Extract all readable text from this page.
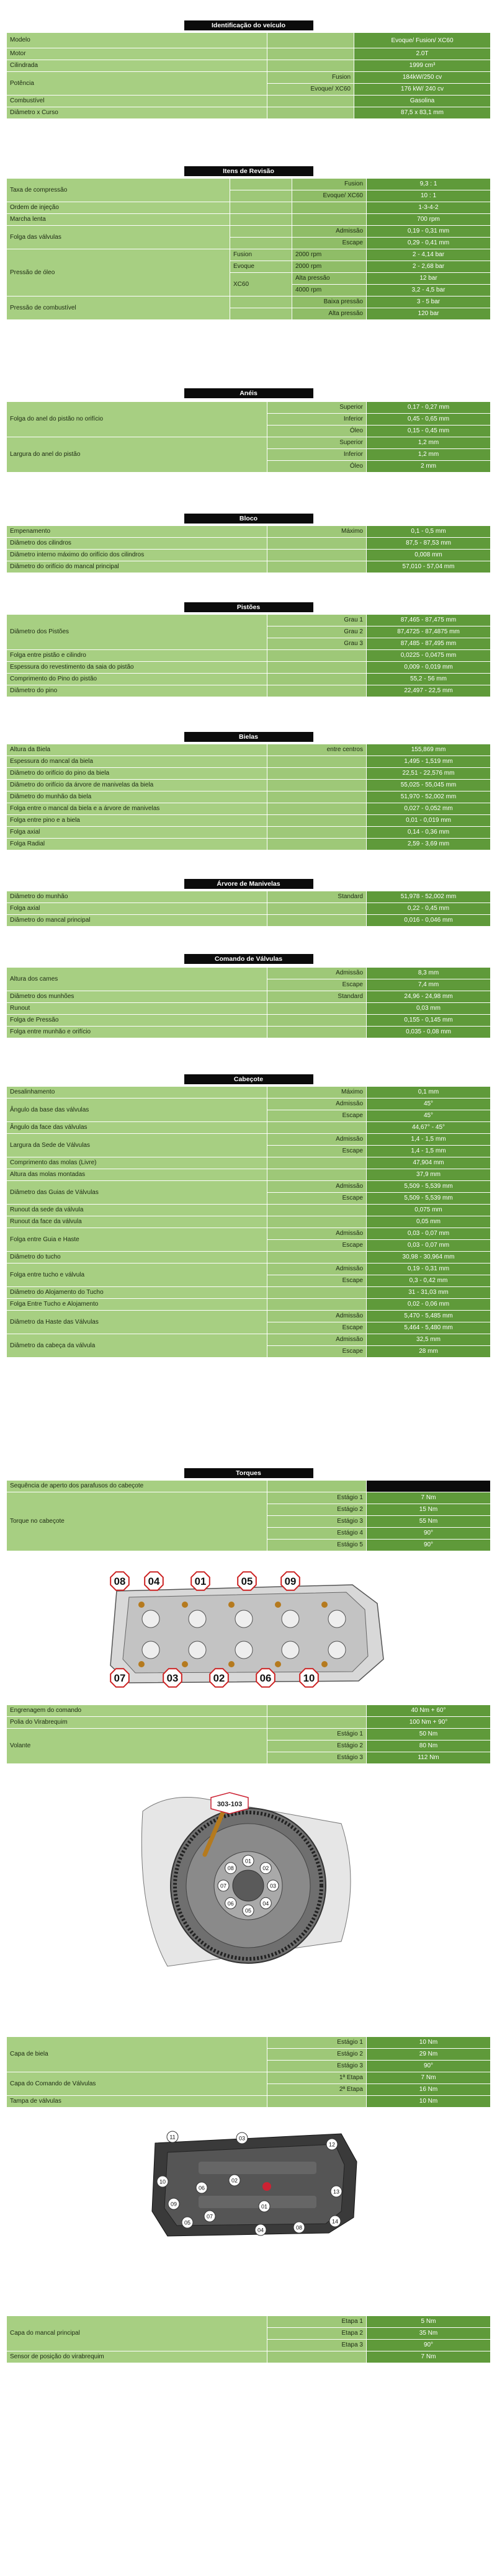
Identificação do veículo
Modelo		Evoque/ Fusion/ XC60
Motor		2.0T
Cilindrada		1999 cm³
Potência	Fusion	184kW/250 cv
	Evoque/ XC60	176 kW/ 240 cv
Combustível		Gasolina
Diâmetro x Curso		87,5 x 83,1 mm
Itens de Revisão
Taxa de compressão		Fusion	9,3 : 1
		Evoque/ XC60	10 : 1
Ordem de injeção			1-3-4-2
Marcha lenta			700 rpm
Folga das válvulas		Admissão	0,19 - 0,31 mm
		Escape	0,29 - 0,41 mm
Pressão de óleo	Fusion	2000 rpm	2 - 4,14 bar
	Evoque	2000 rpm	2 - 2,68 bar
	XC60	Alta pressão	12 bar
		4000 rpm	3,2 - 4,5 bar
Pressão de combustível		Baixa pressão	3 - 5 bar
		Alta pressão	120 bar
Anéis
Folga do anel do pistão no orifício	Superior	0,17 - 0,27 mm
	Inferior	0,45 - 0,65 mm
	Óleo	0,15 - 0,45 mm
Largura do anel do pistão	Superior	1,2 mm
	Inferior	1,2 mm
	Óleo	2 mm
Bloco
Empenamento	Máximo	0,1 - 0,5 mm
Diâmetro dos cilindros		87,5 - 87,53 mm
Diâmetro interno máximo do orifício dos cilindros		0,008 mm
Diâmetro do orifício do mancal principal		57,010 - 57,04 mm
Pistões
Diâmetro dos Pistões	Grau 1	87,465 - 87,475 mm
	Grau 2	87,4725 - 87,4875 mm
	Grau 3	87,485 - 87,495 mm
Folga entre pistão e cilindro		0,0225 - 0,0475 mm
Espessura do revestimento da saia do pistão		0,009 - 0,019 mm
Comprimento do Pino do pistão		55,2 - 56 mm
Diâmetro do pino		22,497 - 22,5 mm
Bielas
Altura da Biela	entre centros	155,869 mm
Espessura do mancal da biela		1,495 - 1,519 mm
Diâmetro do orifício do pino da biela		22,51 - 22,576 mm
Diâmetro do orifício da árvore de manivelas da biela		55,025 - 55,045 mm
Diâmetro do munhão da biela		51,970 - 52,002 mm
Folga entre o mancal da biela e a árvore de manivelas		0,027 - 0,052 mm
Folga entre pino e a biela		0,01 - 0,019 mm
Folga axial		0,14 - 0,36 mm
Folga Radial		2,59 - 3,69 mm
Árvore de Manivelas
Diâmetro do munhão	Standard	51,978 - 52,002 mm
Folga axial		0,22 - 0,45 mm
Diâmetro do mancal principal		0,016 - 0,046 mm
Comando de Válvulas
Altura dos cames	Admissão	8,3 mm
	Escape	7,4 mm
Diâmetro dos munhões	Standard	24,96 - 24,98 mm
Runout		0,03 mm
Folga de Pressão		0,155 - 0,145 mm
Folga entre munhão e orifício		0,035 - 0,08 mm
Cabeçote
Desalinhamento	Máximo	0,1 mm
Ângulo da base das válvulas	Admissão	45°
	Escape	45°
Ângulo da face das válvulas		44,67° - 45°
Largura da Sede de Válvulas	Admissão	1,4 - 1,5 mm
	Escape	1,4 - 1,5 mm
Comprimento das molas (Livre)		47,904 mm
Altura das molas montadas		37,9 mm
Diâmetro das Guias de Válvulas	Admissão	5,509 - 5,539 mm
	Escape	5,509 - 5,539 mm
Runout da sede da válvula		0,075 mm
Runout da face da válvula		0,05 mm
Folga entre Guia e Haste	Admissão	0,03 - 0,07 mm
	Escape	0,03 - 0,07 mm
Diâmetro do tucho		30,98 - 30,964 mm
Folga entre tucho e válvula	Admissão	0,19 - 0,31 mm
	Escape	0,3 - 0,42 mm
Diâmetro do Alojamento do Tucho		31 - 31,03 mm
Folga Entre Tucho e Alojamento		0,02 - 0,06 mm
Diâmetro da Haste das Válvulas	Admissão	5,470 - 5,485 mm
	Escape	5,464 - 5,480 mm
Diâmetro da cabeça da válvula	Admissão	32,5 mm
	Escape	28 mm
Torques
Sequência de aperto dos parafusos do cabeçote		
Torque no cabeçote	Estágio 1	7 Nm
	Estágio 2	15 Nm
	Estágio 3	55 Nm
	Estágio 4	90°
	Estágio 5	90°
08 04	01	05	09
07	03	02	06	10
Engrenagem do comando		40 Nm + 60°
Polia do Virabrequim		100 Nm + 90°
Volante	Estágio 1	50 Nm
	Estágio 2	80 Nm
	Estágio 3	112 Nm
01
02
03
04
05
06
07
08
303-103
Capa de biela	Estágio 1	10 Nm
	Estágio 2	29 Nm
	Estágio 3	90°
Capa do Comando de Válvulas	1ª Etapa	7 Nm
	2ª Etapa	16 Nm
Tampa de válvulas		10 Nm
01
02
03
04
05
06
07
08
09
10
11
12
13
14
Capa do mancal principal	Etapa 1	5 Nm
	Etapa 2	35 Nm
	Etapa 3	90°
Sensor de posição do virabrequim		7 Nm
